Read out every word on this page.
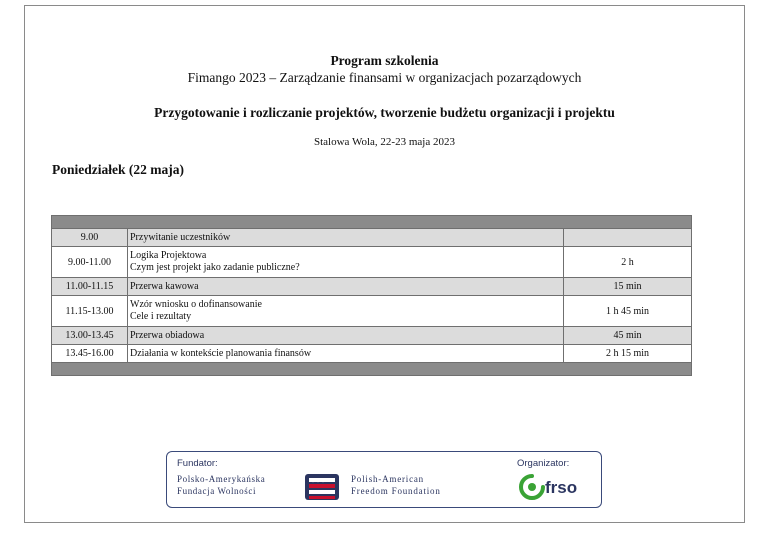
Program szkolenia
Fimango 2023 – Zarządzanie finansami w organizacjach pozarządowych
Przygotowanie i rozliczanie projektów, tworzenie budżetu organizacji i projektu
Stalowa Wola, 22-23 maja 2023
Poniedziałek (22 maja)

9.00	Przywitanie uczestników	

9.00-11.00	Logika Projektowa
Czym jest projekt jako zadanie publiczne?	2 h
11.00-11.15	Przerwa kawowa	15 min
11.15-13.00	Wzór wniosku o dofinansowanie
Cele i rezultaty	1 h 45 min
13.00-13.45	Przerwa obiadowa	45 min
13.45-16.00	Działania w kontekście planowania finansów	2 h 15 min

Fundator:
Polsko-Amerykańska
Fundacja Wolności
Polish-American
Freedom Foundation
Organizator:
frso
